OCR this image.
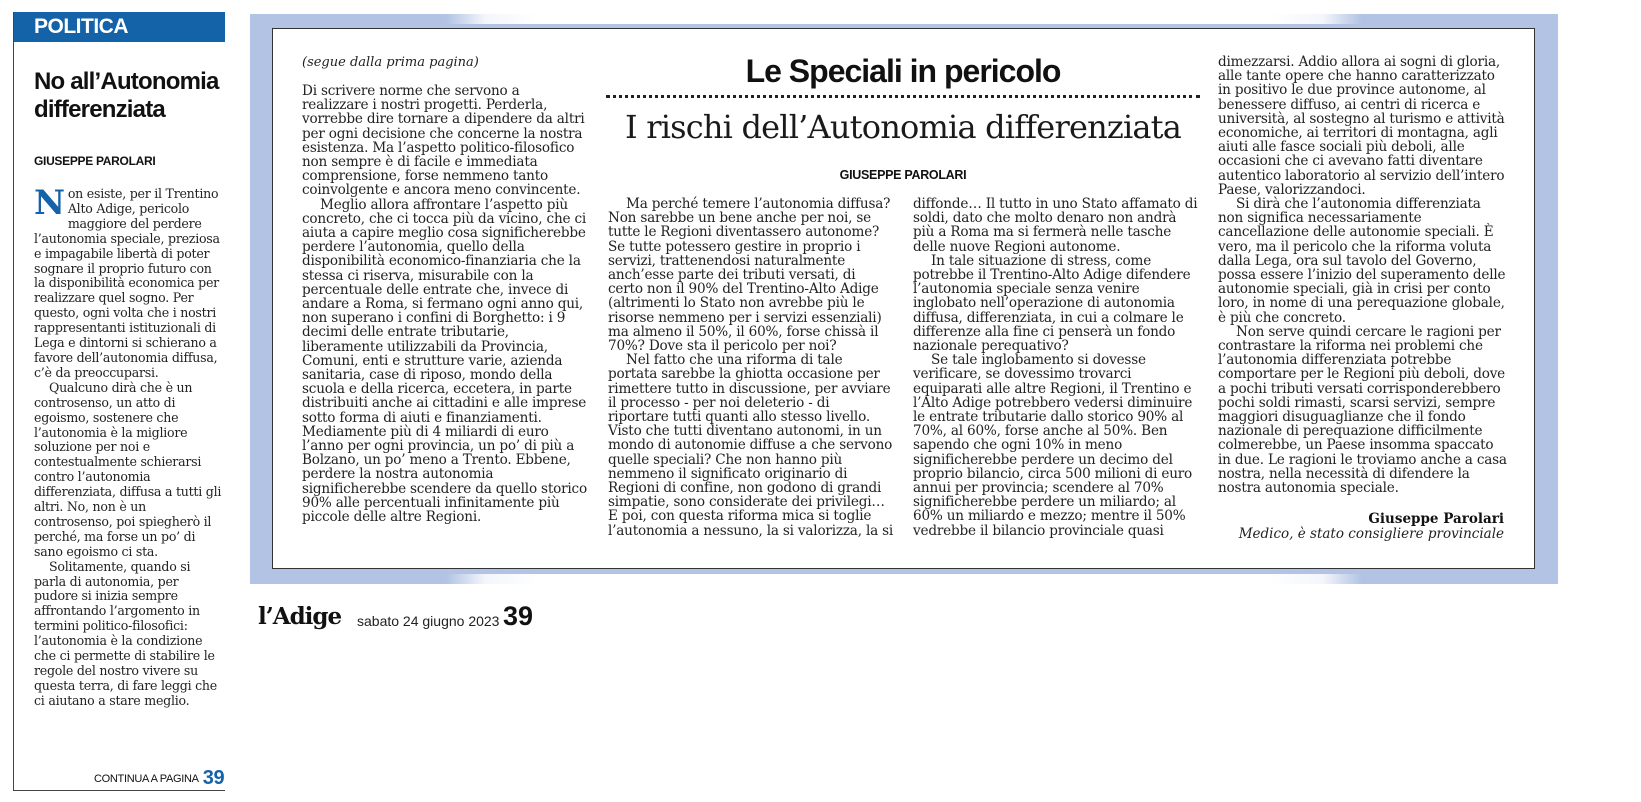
POLITICA
No all’Autonomia differenziata
GIUSEPPE PAROLARI

Non esiste, per il Trentino Alto Adige, pericolo maggiore del perdere l’autonomia speciale, preziosa e impagabile libertà di poter sognare il proprio futuro con la disponibilità economica per realizzare quel sogno. Per questo, ogni volta che i nostri rappresentanti istituzionali di Lega e dintorni si schierano a favore dell’autonomia diffusa, c’è da preoccuparsi.

Qualcuno dirà che è un controsenso, un atto di egoismo, sostenere che l’autonomia è la migliore soluzione per noi e contestualmente schierarsi contro l’autonomia differenziata, diffusa a tutti gli altri. No, non è un controsenso, poi spiegherò il perché, ma forse un po’ di sano egoismo ci sta.

Solitamente, quando si parla di autonomia, per pudore si inizia sempre affrontando l’argomento in termini politico-filosofici: l’autonomia è la condizione che ci permette di stabilire le regole del nostro vivere su questa terra, di fare leggi che ci aiutano a stare meglio.

CONTINUA A PAGINA 39
(segue dalla prima pagina)

Di scrivere norme che servono a realizzare i nostri progetti. Perderla, vorrebbe dire tornare a dipendere da altri per ogni decisione che concerne la nostra esistenza. Ma l’aspetto politico-filosofico non sempre è di facile e immediata comprensione, forse nemmeno tanto coinvolgente e ancora meno convincente.

Meglio allora affrontare l’aspetto più concreto, che ci tocca più da vicino, che ci aiuta a capire meglio cosa significherebbe perdere l’autonomia, quello della disponibilità economico-finanziaria che la stessa ci riserva, misurabile con la percentuale delle entrate che, invece di andare a Roma, si fermano ogni anno qui, non superano i confini di Borghetto: i 9 decimi delle entrate tributarie, liberamente utilizzabili da Provincia, Comuni, enti e strutture varie, azienda sanitaria, case di riposo, mondo della scuola e della ricerca, eccetera, in parte distribuiti anche ai cittadini e alle imprese sotto forma di aiuti e finanziamenti. Mediamente più di 4 miliardi di euro l’anno per ogni provincia, un po’ di più a Bolzano, un po’ meno a Trento. Ebbene, perdere la nostra autonomia significherebbe scendere da quello storico 90% alle percentuali infinitamente più piccole delle altre Regioni.

Le Speciali in pericolo
I rischi dell’Autonomia differenziata
GIUSEPPE PAROLARI

Ma perché temere l’autonomia diffusa? Non sarebbe un bene anche per noi, se tutte le Regioni diventassero autonome? Se tutte potessero gestire in proprio i servizi, trattenendosi naturalmente anch’esse parte dei tributi versati, di certo non il 90% del Trentino-Alto Adige (altrimenti lo Stato non avrebbe più le risorse nemmeno per i servizi essenziali) ma almeno il 50%, il 60%, forse chissà il 70%? Dove sta il pericolo per noi?

Nel fatto che una riforma di tale portata sarebbe la ghiotta occasione per rimettere tutto in discussione, per avviare il processo - per noi deleterio - di riportare tutti quanti allo stesso livello. Visto che tutti diventano autonomi, in un mondo di autonomie diffuse a che servono quelle speciali? Che non hanno più nemmeno il significato originario di Regioni di confine, non godono di grandi simpatie, sono considerate dei privilegi… E poi, con questa riforma mica si toglie l’autonomia a nessuno, la si valorizza, la si

diffonde… Il tutto in uno Stato affamato di soldi, dato che molto denaro non andrà più a Roma ma si fermerà nelle tasche delle nuove Regioni autonome.

In tale situazione di stress, come potrebbe il Trentino-Alto Adige difendere l’autonomia speciale senza venire inglobato nell’operazione di autonomia diffusa, differenziata, in cui a colmare le differenze alla fine ci penserà un fondo nazionale perequativo?

Se tale inglobamento si dovesse verificare, se dovessimo trovarci equiparati alle altre Regioni, il Trentino e l’Alto Adige potrebbero vedersi diminuire le entrate tributarie dallo storico 90% al 70%, al 60%, forse anche al 50%. Ben sapendo che ogni 10% in meno significherebbe perdere un decimo del proprio bilancio, circa 500 milioni di euro annui per provincia; scendere al 70% significherebbe perdere un miliardo; al 60% un miliardo e mezzo; mentre il 50% vedrebbe il bilancio provinciale quasi

dimezzarsi. Addio allora ai sogni di gloria, alle tante opere che hanno caratterizzato in positivo le due province autonome, al benessere diffuso, ai centri di ricerca e università, al sostegno al turismo e attività economiche, ai territori di montagna, agli aiuti alle fasce sociali più deboli, alle occasioni che ci avevano fatti diventare autentico laboratorio al servizio dell’intero Paese, valorizzandoci.

Si dirà che l’autonomia differenziata non significa necessariamente cancellazione delle autonomie speciali. È vero, ma il pericolo che la riforma voluta dalla Lega, ora sul tavolo del Governo, possa essere l’inizio del superamento delle autonomie speciali, già in crisi per conto loro, in nome di una perequazione globale, è più che concreto.

Non serve quindi cercare le ragioni per contrastare la riforma nei problemi che l’autonomia differenziata potrebbe comportare per le Regioni più deboli, dove a pochi tributi versati corrisponderebbero pochi soldi rimasti, scarsi servizi, sempre maggiori disuguaglianze che il fondo nazionale di perequazione difficilmente colmerebbe, un Paese insomma spaccato in due. Le ragioni le troviamo anche a casa nostra, nella necessità di difendere la nostra autonomia speciale.

Giuseppe Parolari
Medico, è stato consigliere provinciale
l’Adige sabato 24 giugno 2023 39
